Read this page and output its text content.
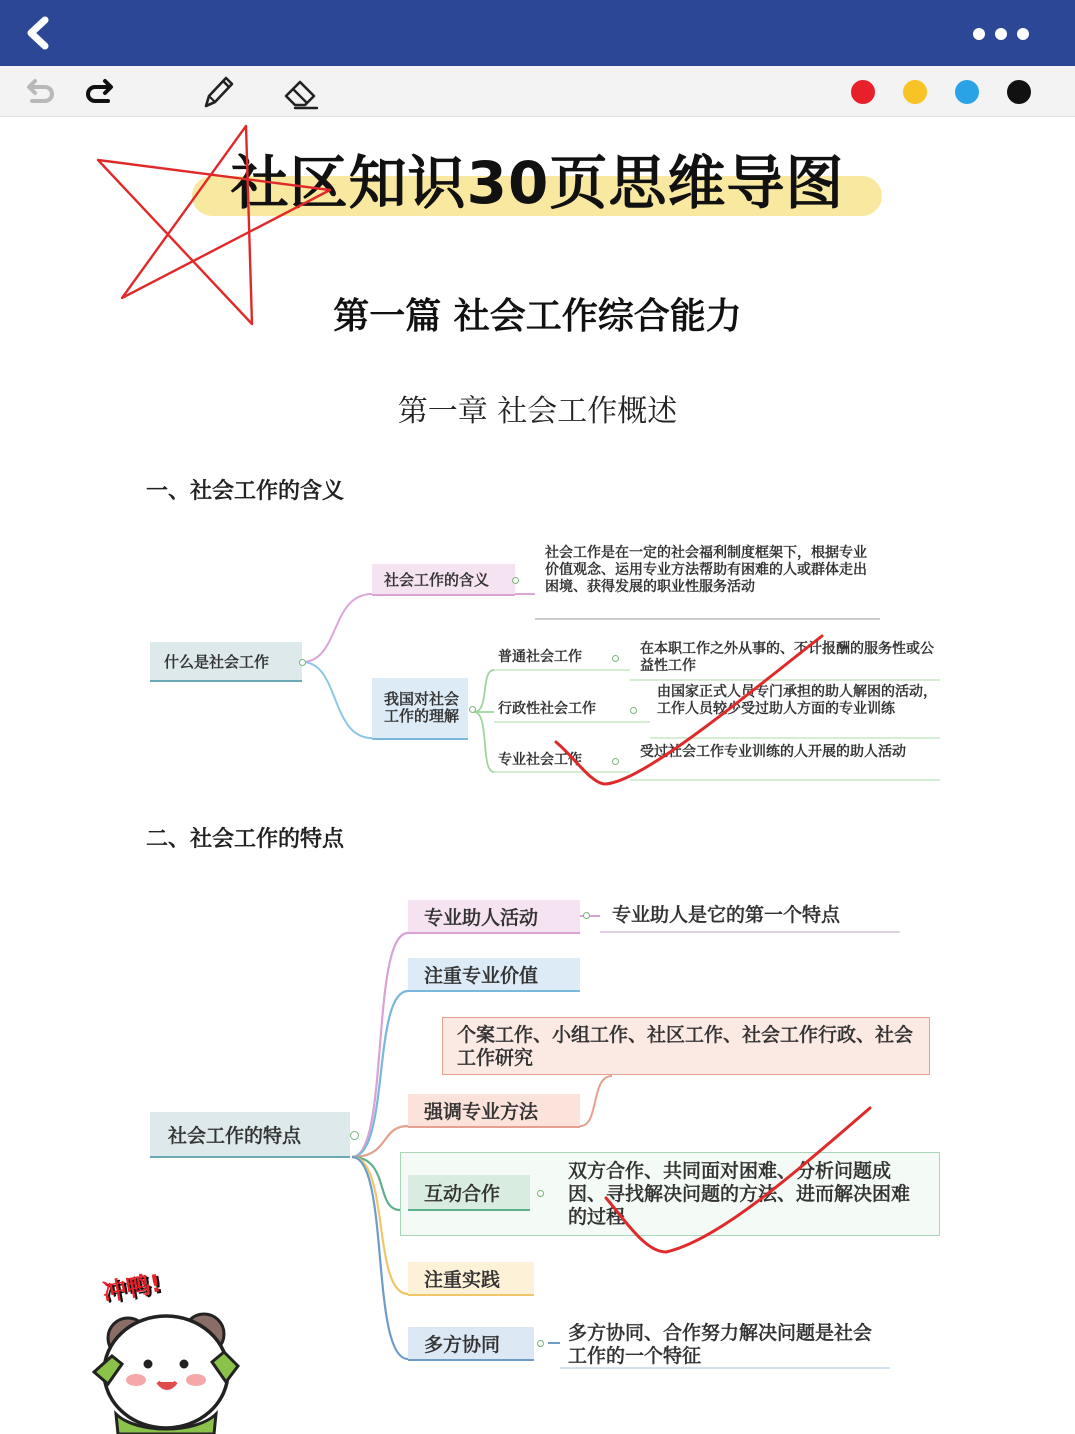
社区知识30页思维导图
第一篇 社会工作综合能力
第一章 社会工作概述
一、社会工作的含义
二、社会工作的特点
什么是社会工作
社会工作的含义
社会工作是在一定的社会福利制度框架下，根据专业价值观念、运用专业方法帮助有困难的人或群体走出困境、获得发展的职业性服务活动
我国对社会工作的理解
普通社会工作	在本职工作之外从事的、不计报酬的服务性或公益性工作
行政性社会工作
由国家正式人员专门承担的助人解困的活动，工作人员较少受过助人方面的专业训练
专业社会工作	受过社会工作专业训练的人开展的助人活动
社会工作的特点
专业助人活动	专业助人是它的第一个特点
注重专业价值
个案工作、小组工作、社区工作、社会工作行政、社会工作研究
强调专业方法
互动合作
双方合作、共同面对困难、分析问题成因、寻找解决问题的方法、进而解决困难的过程
注重实践
多方协同
多方协同、合作努力解决问题是社会工作的一个特征
冲鸭!
